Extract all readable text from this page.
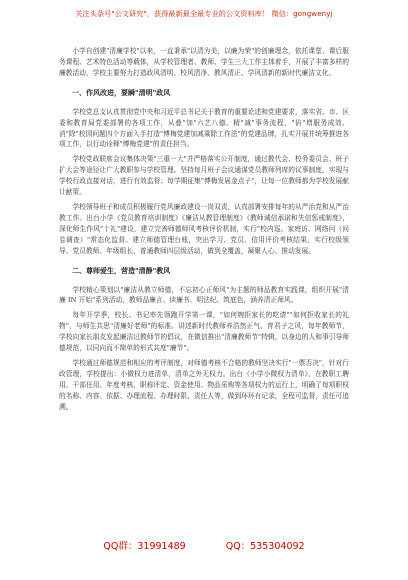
关注头条号"公文研究"，获得最新最全最专业的公文资料库！ 微信：gongwenyj

小学自创建"清廉学校"以来，一直秉承"以清为美，以廉为荣"的创廉理念，依托课堂、课后服务课程、艺术特色活动等载体，从学校管理者、教师、学生三大工作主体着手，开展了丰富多样的廉教活动，学校主要努力打造政风清明、校风清净、教风清正、学风清新的新时代廉洁文化。

一、作风改进，要瞬"清明"政风

学校党总支认真贯彻党中央和习近平总书记关于教育的重要论述和党建要求，落实省、市、区委和教育局党委部署的各项工作，从叠"加"六艺八德、精"减"事务流程、"倍"增服务成效、消"除"校园问题四个方面入手打造"博梅党建加减乘除工作法"的党建品牌，扎实开展并统筹推进各项工作，以行动诠释"博梅党建"的责任担当。

学校党政联席会议集体决策"三重一大"并严格落实公开制度，通过教代会、校务委员会、班子扩大会等途径让广大教职参与学校管理。坚持每月班子会议通谋党员教师列席的议事制度，实现与学校行政直接对话，进行有效监督；每学期征集"博梅发展金点子"，让每一位教师都为学校发展献计献策。

学校领导班子和成员积极履行党风廉政建设一岗双责，认真部署安排每年的从严治党和从严治教工作。出台小学《党员教育培训制度》《廉洁从教管理制度》《教师诫信承诺和失信惩戒制度》，深化师生作风"十礼"建设，建立完善师德师风考核评价机制，实行"校内巡、家庭访、网络问（问卷调查）"常态化监督。建立师德管理台账，突出学习、党员、信用评价考核结果，实行校级领导、党员教师、年级组长、普通教师四层级活动，做到全覆盖，凝聚人心、推动发展。

二、尊师爱生，营造"清静"教风

学校精心策划以"廉洁从教立师德，不忘初心正师风"为主题的师品教育实践课，组织开展"清廉 IN 开始"系列活动，教师品廉言、读廉书、明法纪、筑底色，涵养清正师风。

每年开学季，校长、书记率先领跑开学第一课，"如何婉拒家长的吃请""如何拒收家长的礼物"，与师生共思"清廉好老师"的标准。讲述新时代教师养浩然正气、育君子之风，每年教师节，学校向家长朋友发起廉洁过教师节的倡议，在微信推出"清廉教师节"特辑，以身边的人和事引导师德规范，以同向而不简单的形式共度"廉节"。

学校通过师德规范和相应的考评制度，对师德考核不合格的教师坚决实行"一票否决"，针对行政管理，学校提出：小微权力进清单，清单之外无权力。出台《小学小微权力清单》，在教职工聘用、干部任用、年度考核、职称评定、资金使用、物品采购等各项权力的运行上，明确了每项职权的名称、内容、依据、办理流程、办理时限、责任人等，做到环环有记录，全程可监督，责任可追溯。

QQ群：31991489	QQ：535304092
